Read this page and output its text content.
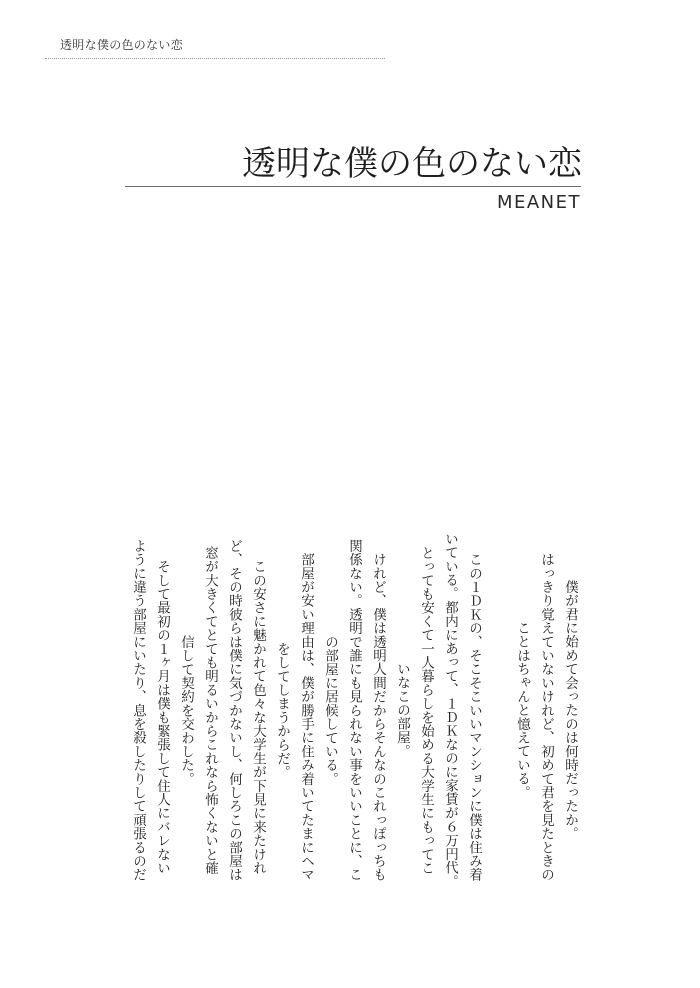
透明な僕の色のない恋
透明な僕の色のない恋
MEANET
僕が君に始めて会ったのは何時だったか。
　はっきり覚えていないけれど、初めて君を見たときの
ことはちゃんと憶えている。
　この１ＤＫの、そこそこいいマンションに僕は住み着
いている。都内にあって、１ＤＫなのに家賃が６万円代。
とっても安くて一人暮らしを始める大学生にもってこ
いなこの部屋。
　けれど、僕は透明人間だからそんなのこれっぽっちも
関係ない。透明で誰にも見られない事をいいことに、こ
の部屋に居候している。
　部屋が安い理由は、僕が勝手に住み着いてたまにヘマ
をしてしまうからだ。
　この安さに魅かれて色々な大学生が下見に来たけれ
ど、その時彼らは僕に気づかないし、何しろこの部屋は
窓が大きくてとても明るいからこれなら怖くないと確
信して契約を交わした。
　そして最初の１ヶ月は僕も緊張して住人にバレない
ように違う部屋にいたり、息を殺したりして頑張るのだ
